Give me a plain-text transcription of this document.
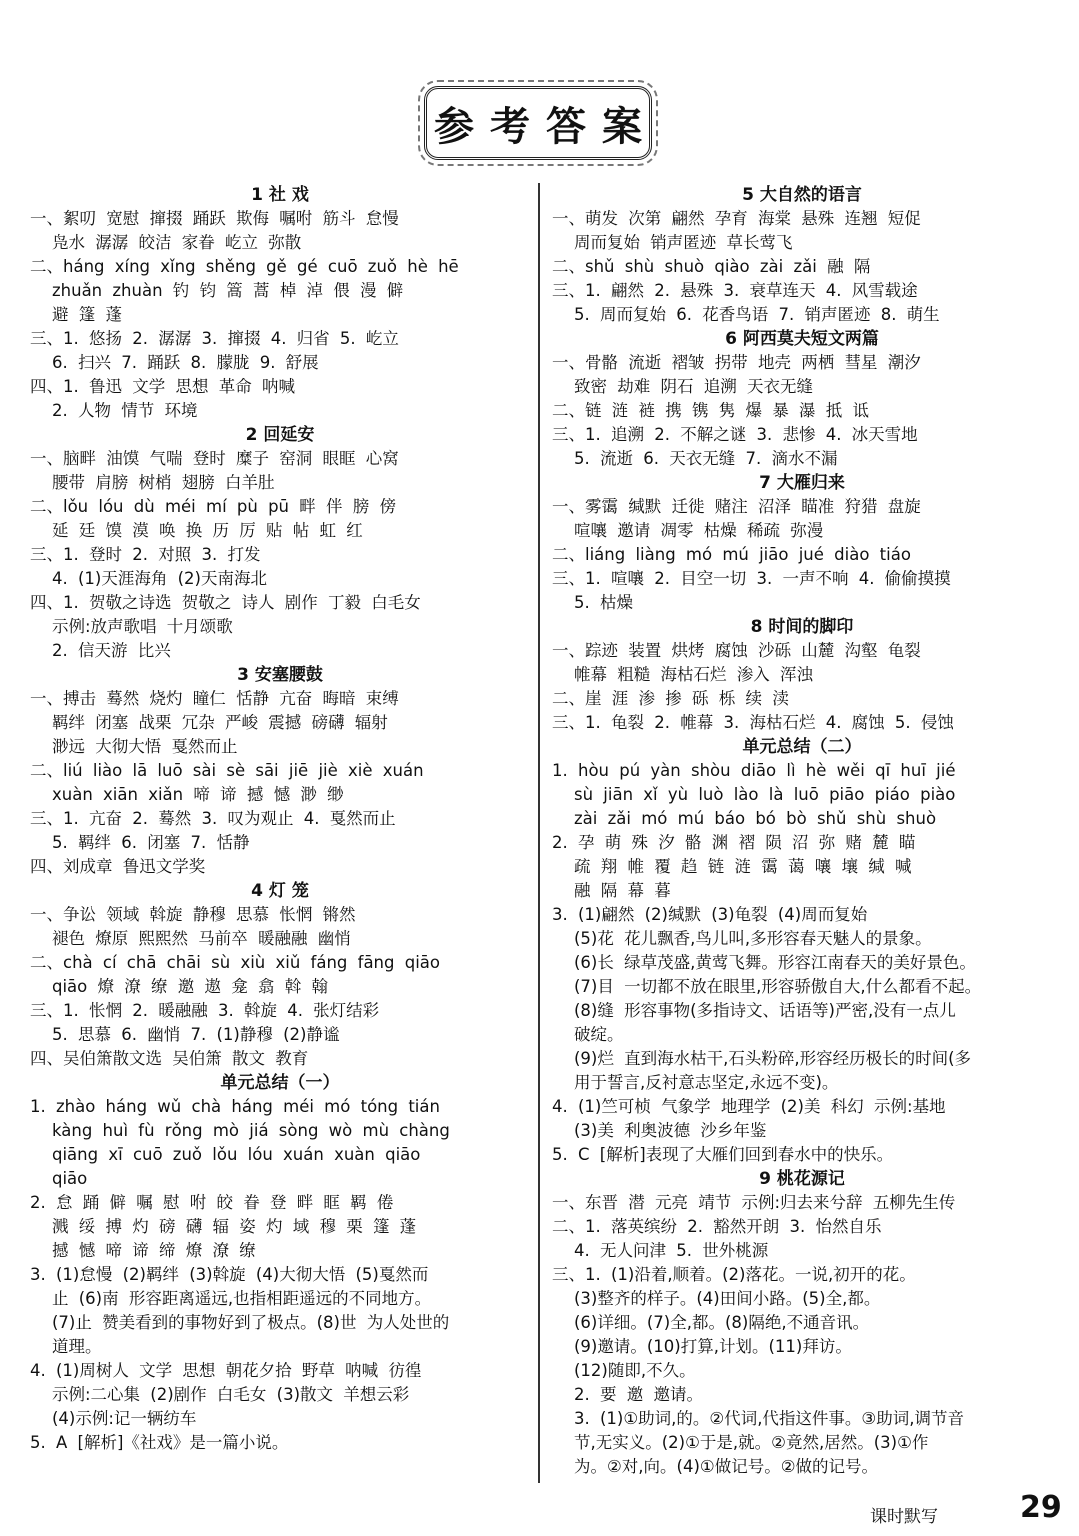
参考答案
1 社 戏
一、絮叨 宽慰 撺掇 踊跃 欺侮 嘱咐 筋斗 怠慢
凫水 潺潺 皎洁 家眷 屹立 弥散
二、háng xíng xǐng shěng gě gé cuō zuǒ hè hē
zhuǎn zhuàn 钓 钧 篙 蒿 棹 淖 偎 漫 僻
避 篷 蓬
三、1. 悠扬 2. 潺潺 3. 撺掇 4. 归省 5. 屹立
6. 扫兴 7. 踊跃 8. 朦胧 9. 舒展
四、1. 鲁迅 文学 思想 革命 呐喊
2. 人物 情节 环境
2 回延安
一、脑畔 油馍 气喘 登时 糜子 窑洞 眼眶 心窝
腰带 肩膀 树梢 翅膀 白羊肚
二、lǒu lóu dù méi mí pù pū 畔 伴 膀 傍
延 廷 馍 漠 唤 换 历 厉 贴 帖 虹 红
三、1. 登时 2. 对照 3. 打发
4. (1)天涯海角 (2)天南海北
四、1. 贺敬之诗选 贺敬之 诗人 剧作 丁毅 白毛女
示例:放声歌唱 十月颂歌
2. 信天游 比兴
3 安塞腰鼓
一、搏击 蓦然 烧灼 瞳仁 恬静 亢奋 晦暗 束缚
羁绊 闭塞 战栗 冗杂 严峻 震撼 磅礴 辐射
渺远 大彻大悟 戛然而止
二、liú liào lā luō sài sè sāi jiē jiè xiè xuán
xuàn xiān xiǎn 啼 谛 撼 憾 渺 缈
三、1. 亢奋 2. 蓦然 3. 叹为观止 4. 戛然而止
5. 羁绊 6. 闭塞 7. 恬静
四、刘成章 鲁迅文学奖
4 灯 笼
一、争讼 领域 斡旋 静穆 思慕 怅惘 锵然
褪色 燎原 熙熙然 马前卒 暖融融 幽悄
二、chà cí chā chāi sù xiù xiǔ fáng fāng qiāo
qiāo 燎 潦 缭 邀 遨 龛 翕 斡 翰
三、1. 怅惘 2. 暖融融 3. 斡旋 4. 张灯结彩
5. 思慕 6. 幽悄 7. (1)静穆 (2)静谧
四、吴伯箫散文选 吴伯箫 散文 教育
单元总结（一）
1. zhào háng wǔ chà háng méi mó tóng tián
kàng huì fù rǒng mò jiá sòng wò mù chàng
qiāng xī cuō zuǒ lǒu lóu xuán xuàn qiāo
qiāo
2. 怠 踊 僻 嘱 慰 咐 皎 眷 登 畔 眶 羁 倦
溅 绥 搏 灼 磅 礴 辐 姿 灼 域 穆 栗 篷 蓬
撼 憾 啼 谛 缔 燎 潦 缭
3. (1)怠慢 (2)羁绊 (3)斡旋 (4)大彻大悟 (5)戛然而
止 (6)南 形容距离遥远,也指相距遥远的不同地方。
(7)止 赞美看到的事物好到了极点。(8)世 为人处世的
道理。
4. (1)周树人 文学 思想 朝花夕拾 野草 呐喊 彷徨
示例:二心集 (2)剧作 白毛女 (3)散文 羊想云彩
(4)示例:记一辆纺车
5. A [解析]《社戏》是一篇小说。
5 大自然的语言
一、萌发 次第 翩然 孕育 海棠 悬殊 连翘 短促
周而复始 销声匿迹 草长莺飞
二、shǔ shù shuò qiào zài zǎi 融 隔
三、1. 翩然 2. 悬殊 3. 衰草连天 4. 风雪载途
5. 周而复始 6. 花香鸟语 7. 销声匿迹 8. 萌生
6 阿西莫夫短文两篇
一、骨骼 流逝 褶皱 拐带 地壳 两栖 彗星 潮汐
致密 劫难 阴石 追溯 天衣无缝
二、链 涟 裢 携 镌 隽 爆 暴 瀑 抵 诋
三、1. 追溯 2. 不解之谜 3. 悲惨 4. 冰天雪地
5. 流逝 6. 天衣无缝 7. 滴水不漏
7 大雁归来
一、雾霭 缄默 迁徙 赌注 沼泽 瞄准 狩猎 盘旋
喧嚷 邀请 凋零 枯燥 稀疏 弥漫
二、liáng liàng mó mú jiāo jué diào tiáo
三、1. 喧嚷 2. 目空一切 3. 一声不响 4. 偷偷摸摸
5. 枯燥
8 时间的脚印
一、踪迹 装置 烘烤 腐蚀 沙砾 山麓 沟壑 龟裂
帷幕 粗糙 海枯石烂 渗入 浑浊
二、崖 涯 渗 掺 砾 栎 续 渎
三、1. 龟裂 2. 帷幕 3. 海枯石烂 4. 腐蚀 5. 侵蚀
单元总结（二）
1. hòu pú yàn shòu diāo lì hè wěi qī huī jié
sù jiān xǐ yù luò lào là luō piāo piáo piào
zài zǎi mó mú báo bó bò shǔ shù shuò
2. 孕 萌 殊 汐 骼 渊 褶 陨 沼 弥 赌 麓 瞄
疏 翔 帷 覆 趋 链 涟 霭 蔼 嚷 壤 缄 喊
融 隔 幕 暮
3. (1)翩然 (2)缄默 (3)龟裂 (4)周而复始
(5)花 花儿飘香,鸟儿叫,多形容春天魅人的景象。
(6)长 绿草茂盛,黄莺飞舞。形容江南春天的美好景色。
(7)目 一切都不放在眼里,形容骄傲自大,什么都看不起。
(8)缝 形容事物(多指诗文、话语等)严密,没有一点儿
破绽。
(9)烂 直到海水枯干,石头粉碎,形容经历极长的时间(多
用于誓言,反衬意志坚定,永远不变)。
4. (1)竺可桢 气象学 地理学 (2)美 科幻 示例:基地
(3)美 利奥波德 沙乡年鉴
5. C [解析]表现了大雁们回到春水中的快乐。
9 桃花源记
一、东晋 潜 元亮 靖节 示例:归去来兮辞 五柳先生传
二、1. 落英缤纷 2. 豁然开朗 3. 怡然自乐
4. 无人问津 5. 世外桃源
三、1. (1)沿着,顺着。(2)落花。一说,初开的花。
(3)整齐的样子。(4)田间小路。(5)全,都。
(6)详细。(7)全,都。(8)隔绝,不通音讯。
(9)邀请。(10)打算,计划。(11)拜访。
(12)随即,不久。
2. 要 邀 邀请。
3. (1)①助词,的。②代词,代指这件事。③助词,调节音
节,无实义。(2)①于是,就。②竟然,居然。(3)①作
为。②对,向。(4)①做记号。②做的记号。
课时默写	29
